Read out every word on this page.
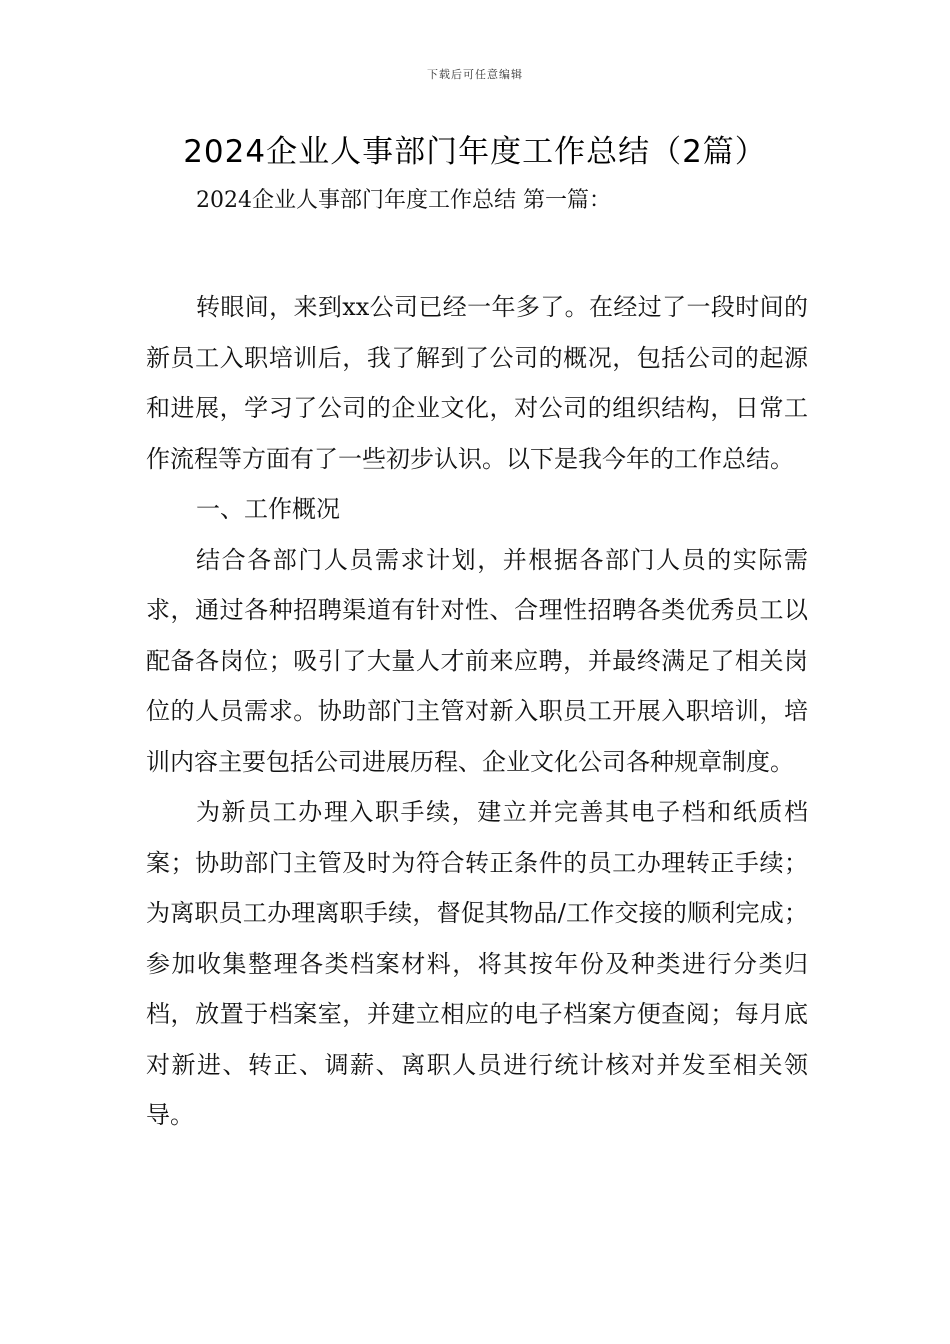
下载后可任意编辑
2024企业人事部门年度工作总结（2篇）
2024企业人事部门年度工作总结 第一篇：

转眼间，来到xx公司已经一年多了。在经过了一段时间的新员工入职培训后，我了解到了公司的概况，包括公司的起源和进展，学习了公司的企业文化，对公司的组织结构，日常工作流程等方面有了一些初步认识。以下是我今年的工作总结。

一、工作概况

结合各部门人员需求计划，并根据各部门人员的实际需求，通过各种招聘渠道有针对性、合理性招聘各类优秀员工以配备各岗位；吸引了大量人才前来应聘，并最终满足了相关岗位的人员需求。协助部门主管对新入职员工开展入职培训，培训内容主要包括公司进展历程、企业文化公司各种规章制度。

为新员工办理入职手续，建立并完善其电子档和纸质档案；协助部门主管及时为符合转正条件的员工办理转正手续；为离职员工办理离职手续，督促其物品/工作交接的顺利完成；参加收集整理各类档案材料，将其按年份及种类进行分类归档，放置于档案室，并建立相应的电子档案方便查阅；每月底对新进、转正、调薪、离职人员进行统计核对并发至相关领导。
